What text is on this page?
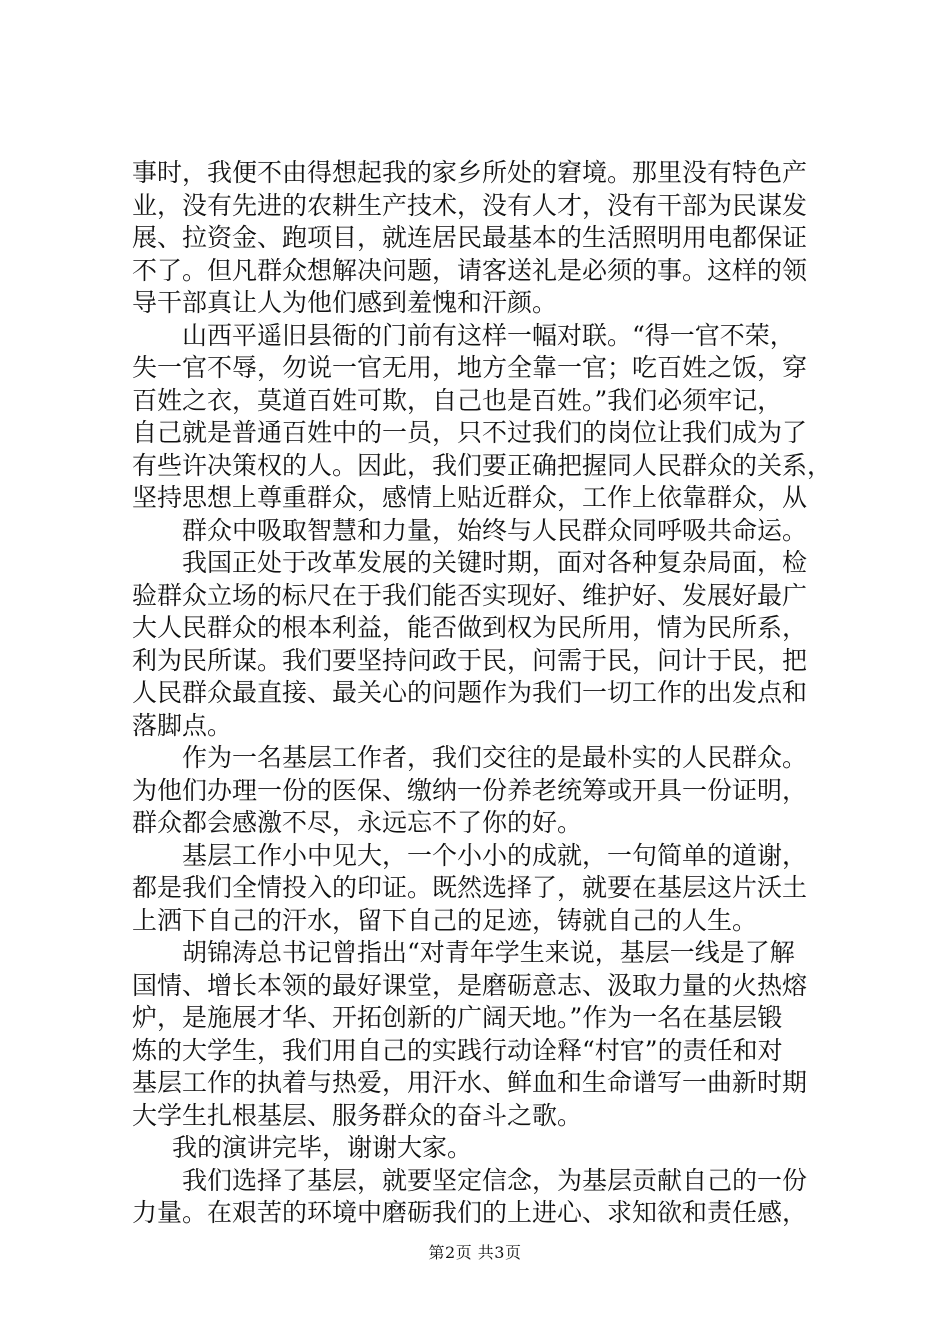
事时，我便不由得想起我的家乡所处的窘境。那里没有特色产
业，没有先进的农耕生产技术，没有人才，没有干部为民谋发
展、拉资金、跑项目，就连居民最基本的生活照明用电都保证
不了。但凡群众想解决问题，请客送礼是必须的事。这样的领
导干部真让人为他们感到羞愧和汗颜。
山西平遥旧县衙的门前有这样一幅对联。“得一官不荣，
失一官不辱，勿说一官无用，地方全靠一官；吃百姓之饭，穿
百姓之衣，莫道百姓可欺，自己也是百姓。”我们必须牢记，
自己就是普通百姓中的一员，只不过我们的岗位让我们成为了
有些许决策权的人。因此，我们要正确把握同人民群众的关系，
坚持思想上尊重群众，感情上贴近群众，工作上依靠群众，从
群众中吸取智慧和力量，始终与人民群众同呼吸共命运。
我国正处于改革发展的关键时期，面对各种复杂局面，检
验群众立场的标尺在于我们能否实现好、维护好、发展好最广
大人民群众的根本利益，能否做到权为民所用，情为民所系，
利为民所谋。我们要坚持问政于民，问需于民，问计于民，把
人民群众最直接、最关心的问题作为我们一切工作的出发点和
落脚点。
作为一名基层工作者，我们交往的是最朴实的人民群众。
为他们办理一份的医保、缴纳一份养老统筹或开具一份证明，
群众都会感激不尽，永远忘不了你的好。
基层工作小中见大，一个小小的成就，一句简单的道谢，
都是我们全情投入的印证。既然选择了，就要在基层这片沃土
上洒下自己的汗水，留下自己的足迹，铸就自己的人生。
胡锦涛总书记曾指出“对青年学生来说，基层一线是了解
国情、增长本领的最好课堂，是磨砺意志、汲取力量的火热熔
炉，是施展才华、开拓创新的广阔天地。”作为一名在基层锻
炼的大学生，我们用自己的实践行动诠释“村官”的责任和对
基层工作的执着与热爱，用汗水、鲜血和生命谱写一曲新时期
大学生扎根基层、服务群众的奋斗之歌。
我的演讲完毕，谢谢大家。
我们选择了基层，就要坚定信念，为基层贡献自己的一份
力量。在艰苦的环境中磨砺我们的上进心、求知欲和责任感，
第2页 共3页
